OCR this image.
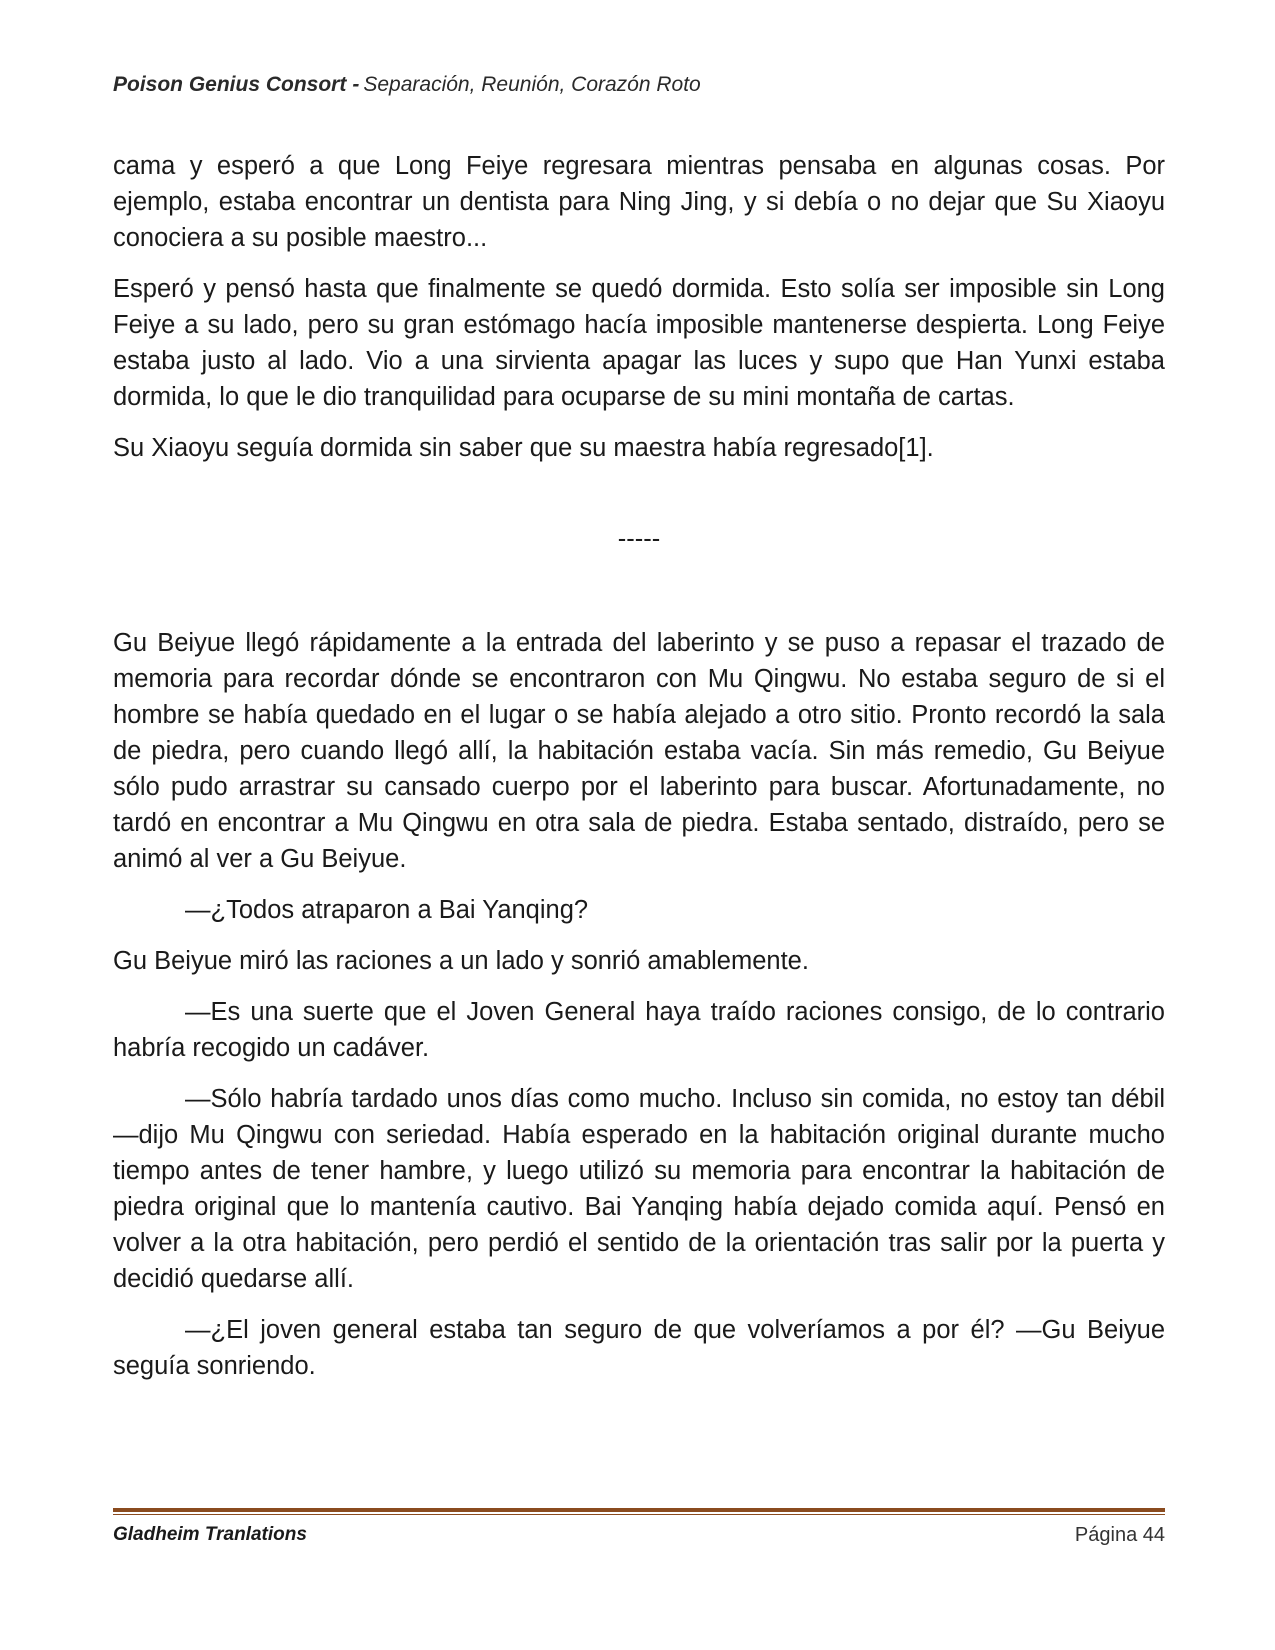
Poison Genius Consort - Separación, Reunión, Corazón Roto

cama y esperó a que Long Feiye regresara mientras pensaba en algunas cosas. Por ejemplo, estaba encontrar un dentista para Ning Jing, y si debía o no dejar que Su Xiaoyu conociera a su posible maestro...

Esperó y pensó hasta que finalmente se quedó dormida. Esto solía ser imposible sin Long Feiye a su lado, pero su gran estómago hacía imposible mantenerse despierta. Long Feiye estaba justo al lado. Vio a una sirvienta apagar las luces y supo que Han Yunxi estaba dormida, lo que le dio tranquilidad para ocuparse de su mini montaña de cartas.

Su Xiaoyu seguía dormida sin saber que su maestra había regresado[1].

-----

Gu Beiyue llegó rápidamente a la entrada del laberinto y se puso a repasar el trazado de memoria para recordar dónde se encontraron con Mu Qingwu. No estaba seguro de si el hombre se había quedado en el lugar o se había alejado a otro sitio. Pronto recordó la sala de piedra, pero cuando llegó allí, la habitación estaba vacía. Sin más remedio, Gu Beiyue sólo pudo arrastrar su cansado cuerpo por el laberinto para buscar. Afortunadamente, no tardó en encontrar a Mu Qingwu en otra sala de piedra. Estaba sentado, distraído, pero se animó al ver a Gu Beiyue.

—¿Todos atraparon a Bai Yanqing?

Gu Beiyue miró las raciones a un lado y sonrió amablemente.

—Es una suerte que el Joven General haya traído raciones consigo, de lo contrario habría recogido un cadáver.

—Sólo habría tardado unos días como mucho. Incluso sin comida, no estoy tan débil —dijo Mu Qingwu con seriedad. Había esperado en la habitación original durante mucho tiempo antes de tener hambre, y luego utilizó su memoria para encontrar la habitación de piedra original que lo mantenía cautivo. Bai Yanqing había dejado comida aquí. Pensó en volver a la otra habitación, pero perdió el sentido de la orientación tras salir por la puerta y decidió quedarse allí.

—¿El joven general estaba tan seguro de que volveríamos a por él? —Gu Beiyue seguía sonriendo.

Gladheim Tranlations	Página 44
